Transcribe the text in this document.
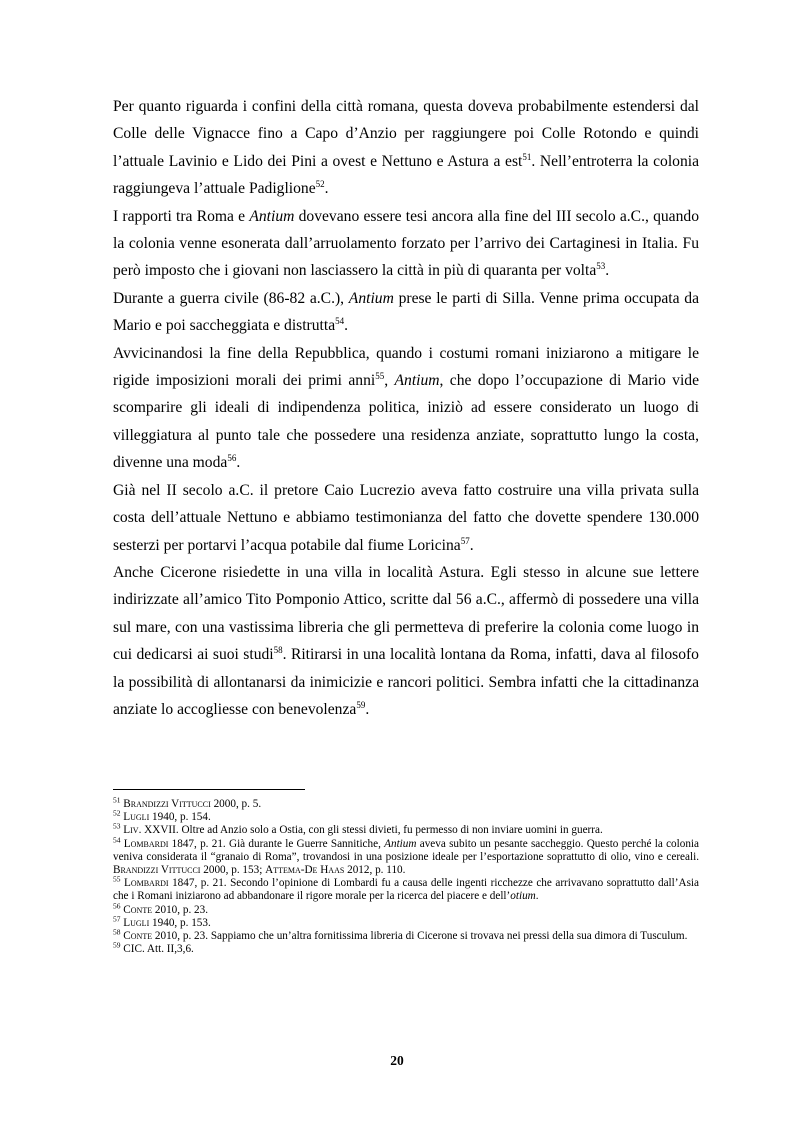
Per quanto riguarda i confini della città romana, questa doveva probabilmente estendersi dal Colle delle Vignacce fino a Capo d’Anzio per raggiungere poi Colle Rotondo e quindi l’attuale Lavinio e Lido dei Pini a ovest e Nettuno e Astura a est$^{51}$. Nell’entroterra la colonia raggiungeva l’attuale Padiglione$^{52}$.

I rapporti tra Roma e Antium dovevano essere tesi ancora alla fine del III secolo a.C., quando la colonia venne esonerata dall’arruolamento forzato per l’arrivo dei Cartaginesi in Italia. Fu però imposto che i giovani non lasciassero la città in più di quaranta per volta$^{53}$.

Durante a guerra civile (86-82 a.C.), Antium prese le parti di Silla. Venne prima occupata da Mario e poi saccheggiata e distrutta$^{54}$.

Avvicinandosi la fine della Repubblica, quando i costumi romani iniziarono a mitigare le rigide imposizioni morali dei primi anni$^{55}$, Antium, che dopo l’occupazione di Mario vide scomparire gli ideali di indipendenza politica, iniziò ad essere considerato un luogo di villeggiatura al punto tale che possedere una residenza anziate, soprattutto lungo la costa, divenne una moda$^{56}$.

Già nel II secolo a.C. il pretore Caio Lucrezio aveva fatto costruire una villa privata sulla costa dell’attuale Nettuno e abbiamo testimonianza del fatto che dovette spendere 130.000 sesterzi per portarvi l’acqua potabile dal fiume Loricina$^{57}$.

Anche Cicerone risiedette in una villa in località Astura. Egli stesso in alcune sue lettere indirizzate all’amico Tito Pomponio Attico, scritte dal 56 a.C., affermò di possedere una villa sul mare, con una vastissima libreria che gli permetteva di preferire la colonia come luogo in cui dedicarsi ai suoi studi$^{58}$. Ritirarsi in una località lontana da Roma, infatti, dava al filosofo la possibilità di allontanarsi da inimicizie e rancori politici. Sembra infatti che la cittadinanza anziate lo accogliesse con benevolenza$^{59}$.

$^{51}$ Brandizzi Vittucci 2000, p. 5.

$^{52}$ Lugli 1940, p. 154.

$^{53}$ Liv. XXVII. Oltre ad Anzio solo a Ostia, con gli stessi divieti, fu permesso di non inviare uomini in guerra.

$^{54}$ Lombardi 1847, p. 21. Già durante le Guerre Sannitiche, Antium aveva subito un pesante saccheggio. Questo perché la colonia veniva considerata il “granaio di Roma”, trovandosi in una posizione ideale per l’esportazione soprattutto di olio, vino e cereali. Brandizzi Vittucci 2000, p. 153; Attema-De Haas 2012, p. 110.

$^{55}$ Lombardi 1847, p. 21. Secondo l’opinione di Lombardi fu a causa delle ingenti ricchezze che arrivavano soprattutto dall’Asia che i Romani iniziarono ad abbandonare il rigore morale per la ricerca del piacere e dell’otium.

$^{56}$ Conte 2010, p. 23.

$^{57}$ Lugli 1940, p. 153.

$^{58}$ Conte 2010, p. 23. Sappiamo che un’altra fornitissima libreria di Cicerone si trovava nei pressi della sua dimora di Tusculum.

$^{59}$ CIC. Att. II,3,6.

20
